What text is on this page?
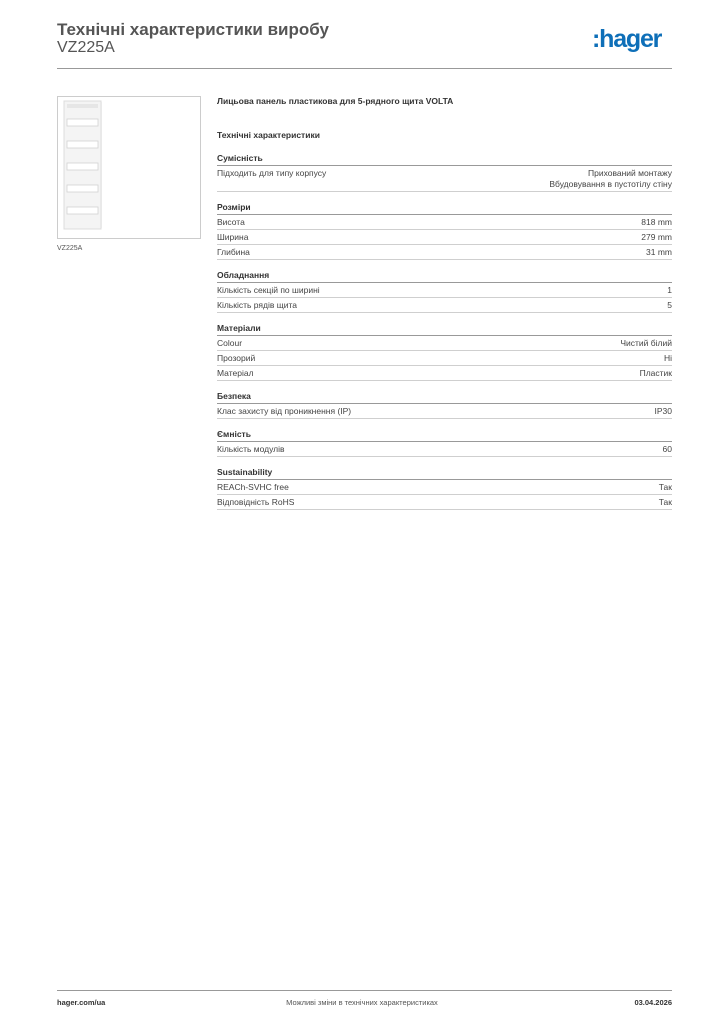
Технічні характеристики виробу
VZ225A	:hager
VZ225A
Лицьова панель пластикова для 5-рядного щита VOLTA
Технічні характеристики
Сумісність
Підходить для типу корпусу	Прихований монтажу
Вбудовування в пустотілу стіну
Розміри
Висота	818 mm
Ширина	279 mm
Глибина	31 mm
Обладнання
Кількість секцій по ширині	1
Кількість рядів щита	5
Матеріали
Colour	Чистий білий
Прозорий	Ні
Матеріал	Пластик
Безпека
Клас захисту від проникнення (IP)	IP30
Ємність
Кількість модулів	60
Sustainability
REACh-SVHC free	Так
Відповідність RoHS	Так
hager.com/ua	Можливі зміни в технічних характеристиках	03.04.2026
